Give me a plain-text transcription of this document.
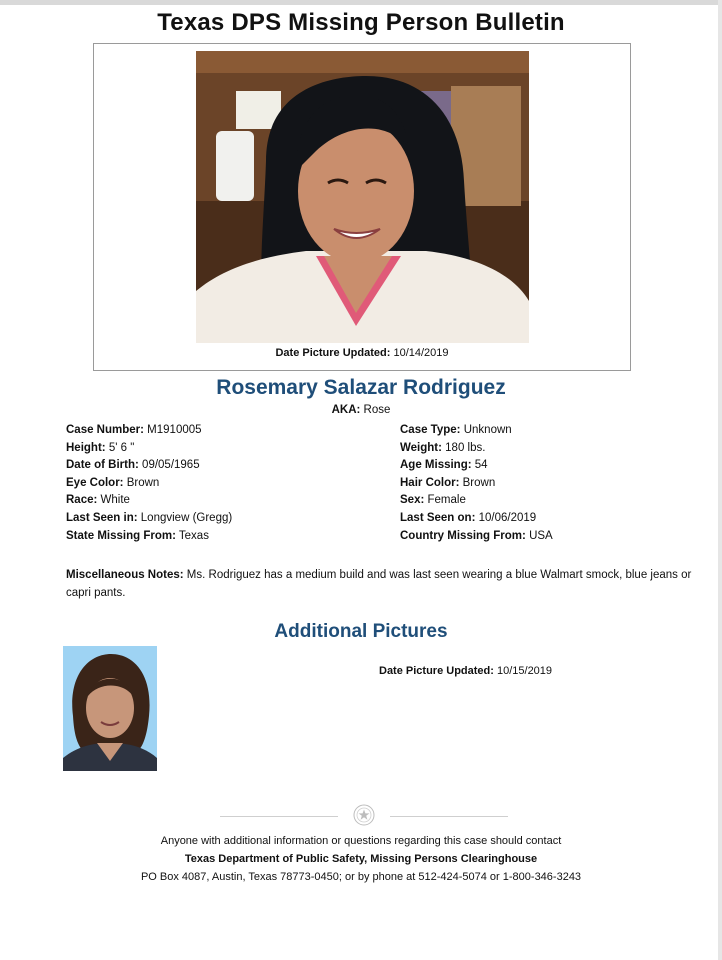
Texas DPS Missing Person Bulletin
Date Picture Updated: 10/14/2019
Rosemary Salazar Rodriguez
AKA: Rose
Case Number: M1910005
Height: 5' 6 "
Date of Birth: 09/05/1965
Eye Color: Brown
Race: White
Last Seen in: Longview (Gregg)
State Missing From: Texas
Case Type: Unknown
Weight: 180 lbs.
Age Missing: 54
Hair Color: Brown
Sex: Female
Last Seen on: 10/06/2019
Country Missing From: USA
Miscellaneous Notes: Ms. Rodriguez has a medium build and was last seen wearing a blue Walmart smock, blue jeans or capri pants.
Additional Pictures
Date Picture Updated: 10/15/2019
Anyone with additional information or questions regarding this case should contact
Texas Department of Public Safety, Missing Persons Clearinghouse
PO Box 4087, Austin, Texas 78773-0450; or by phone at 512-424-5074 or 1-800-346-3243
